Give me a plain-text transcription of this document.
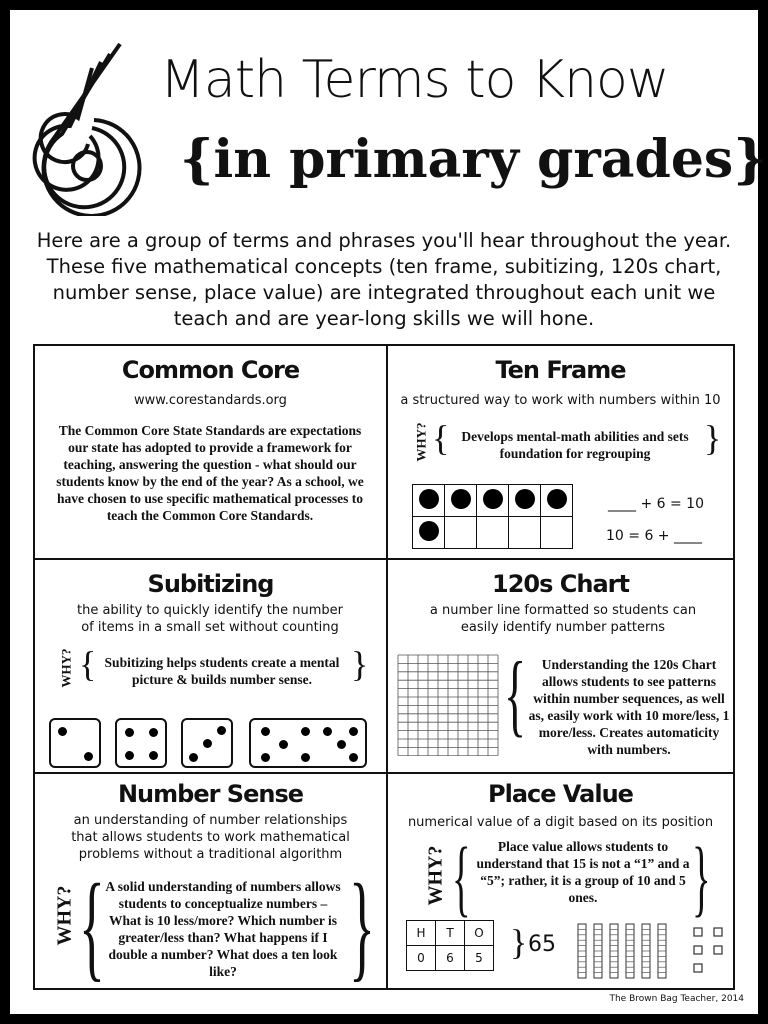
Math Terms to Know
{in primary grades}
Here are a group of terms and phrases you'll hear throughout the year. These five mathematical concepts (ten frame, subitizing, 120s chart, number sense, place value) are integrated throughout each unit we teach and are year-long skills we will hone.
Common Core
www.corestandards.org
The Common Core State Standards are expectations our state has adopted to provide a framework for teaching, answering the question - what should our students know by the end of the year? As a school, we have chosen to use specific mathematical processes to teach the Common Core Standards.
Ten Frame
a structured way to work with numbers within 10
WHY? { Develops mental-math abilities and sets foundation for regrouping	}

____ + 6 = 10
10 = 6 + ____
Subitizing
the ability to quickly identify the number of items in a small set without counting
WHY? { Subitizing helps students create a mental picture & builds number sense.	}
120s Chart
a number line formatted so students can easily identify number patterns
{	Understanding the 120s Chart allows students to see patterns within number sequences, as well as, easily work with 10 more/less, 1 more/less. Creates automaticity with numbers.
Number Sense
an understanding of number relationships that allows students to work mathematical problems without a traditional algorithm
WHY? { A solid understanding of numbers allows students to conceptualize numbers – What is 10 less/more? Which number is greater/less than? What happens if I double a number? What does a ten look like? }
Place Value
numerical value of a digit based on its position
WHY? {	Place value allows students to understand that 15 is not a “1” and a “5”; rather, it is a group of 10 and 5 ones.	}
H	T	O
0	6	5 } 65
The Brown Bag Teacher, 2014
